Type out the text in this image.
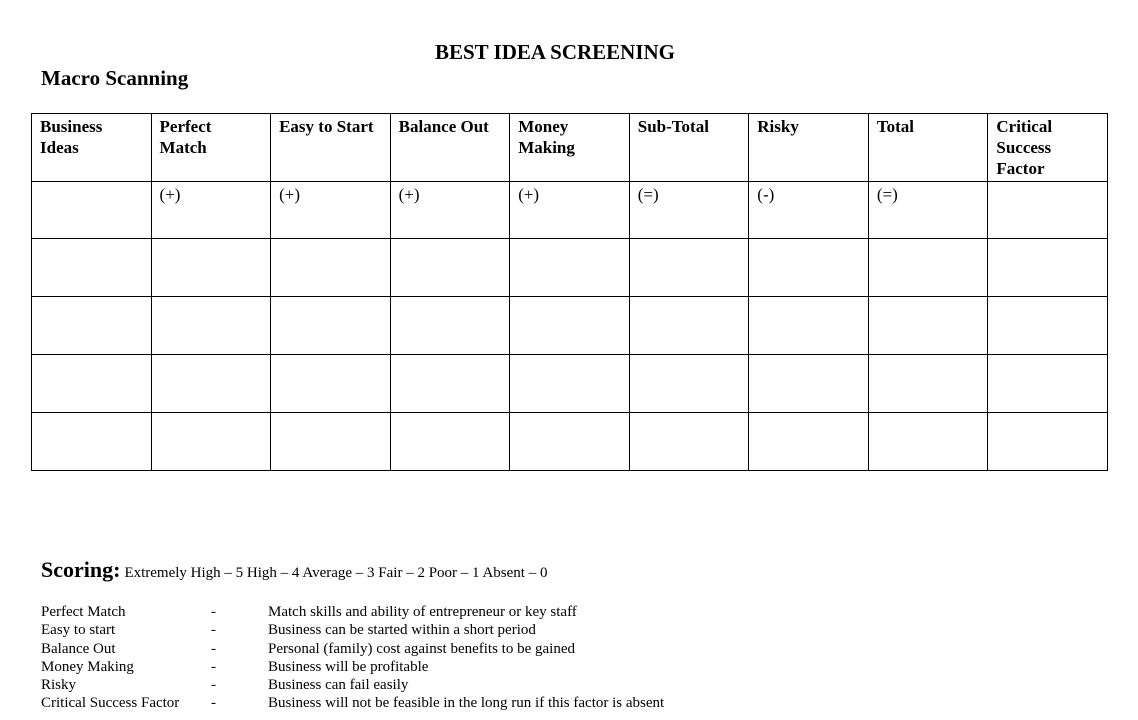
BEST IDEA SCREENING
Macro Scanning
Business Ideas	Perfect Match	Easy to Start	Balance Out	Money Making	Sub-Total	Risky	Total	Critical Success Factor
	(+)	(+)	(+)	(+)	(=)	(-)	(=)	

Scoring: Extremely High – 5 High – 4 Average – 3 Fair – 2 Poor – 1 Absent – 0
Perfect Match	-	Match skills and ability of entrepreneur or key staff
Easy to start	-	Business can be started within a short period
Balance Out	-	Personal (family) cost against benefits to be gained
Money Making	-	Business will be profitable
Risky	-	Business can fail easily
Critical Success Factor	-	Business will not be feasible in the long run if this factor is absent
